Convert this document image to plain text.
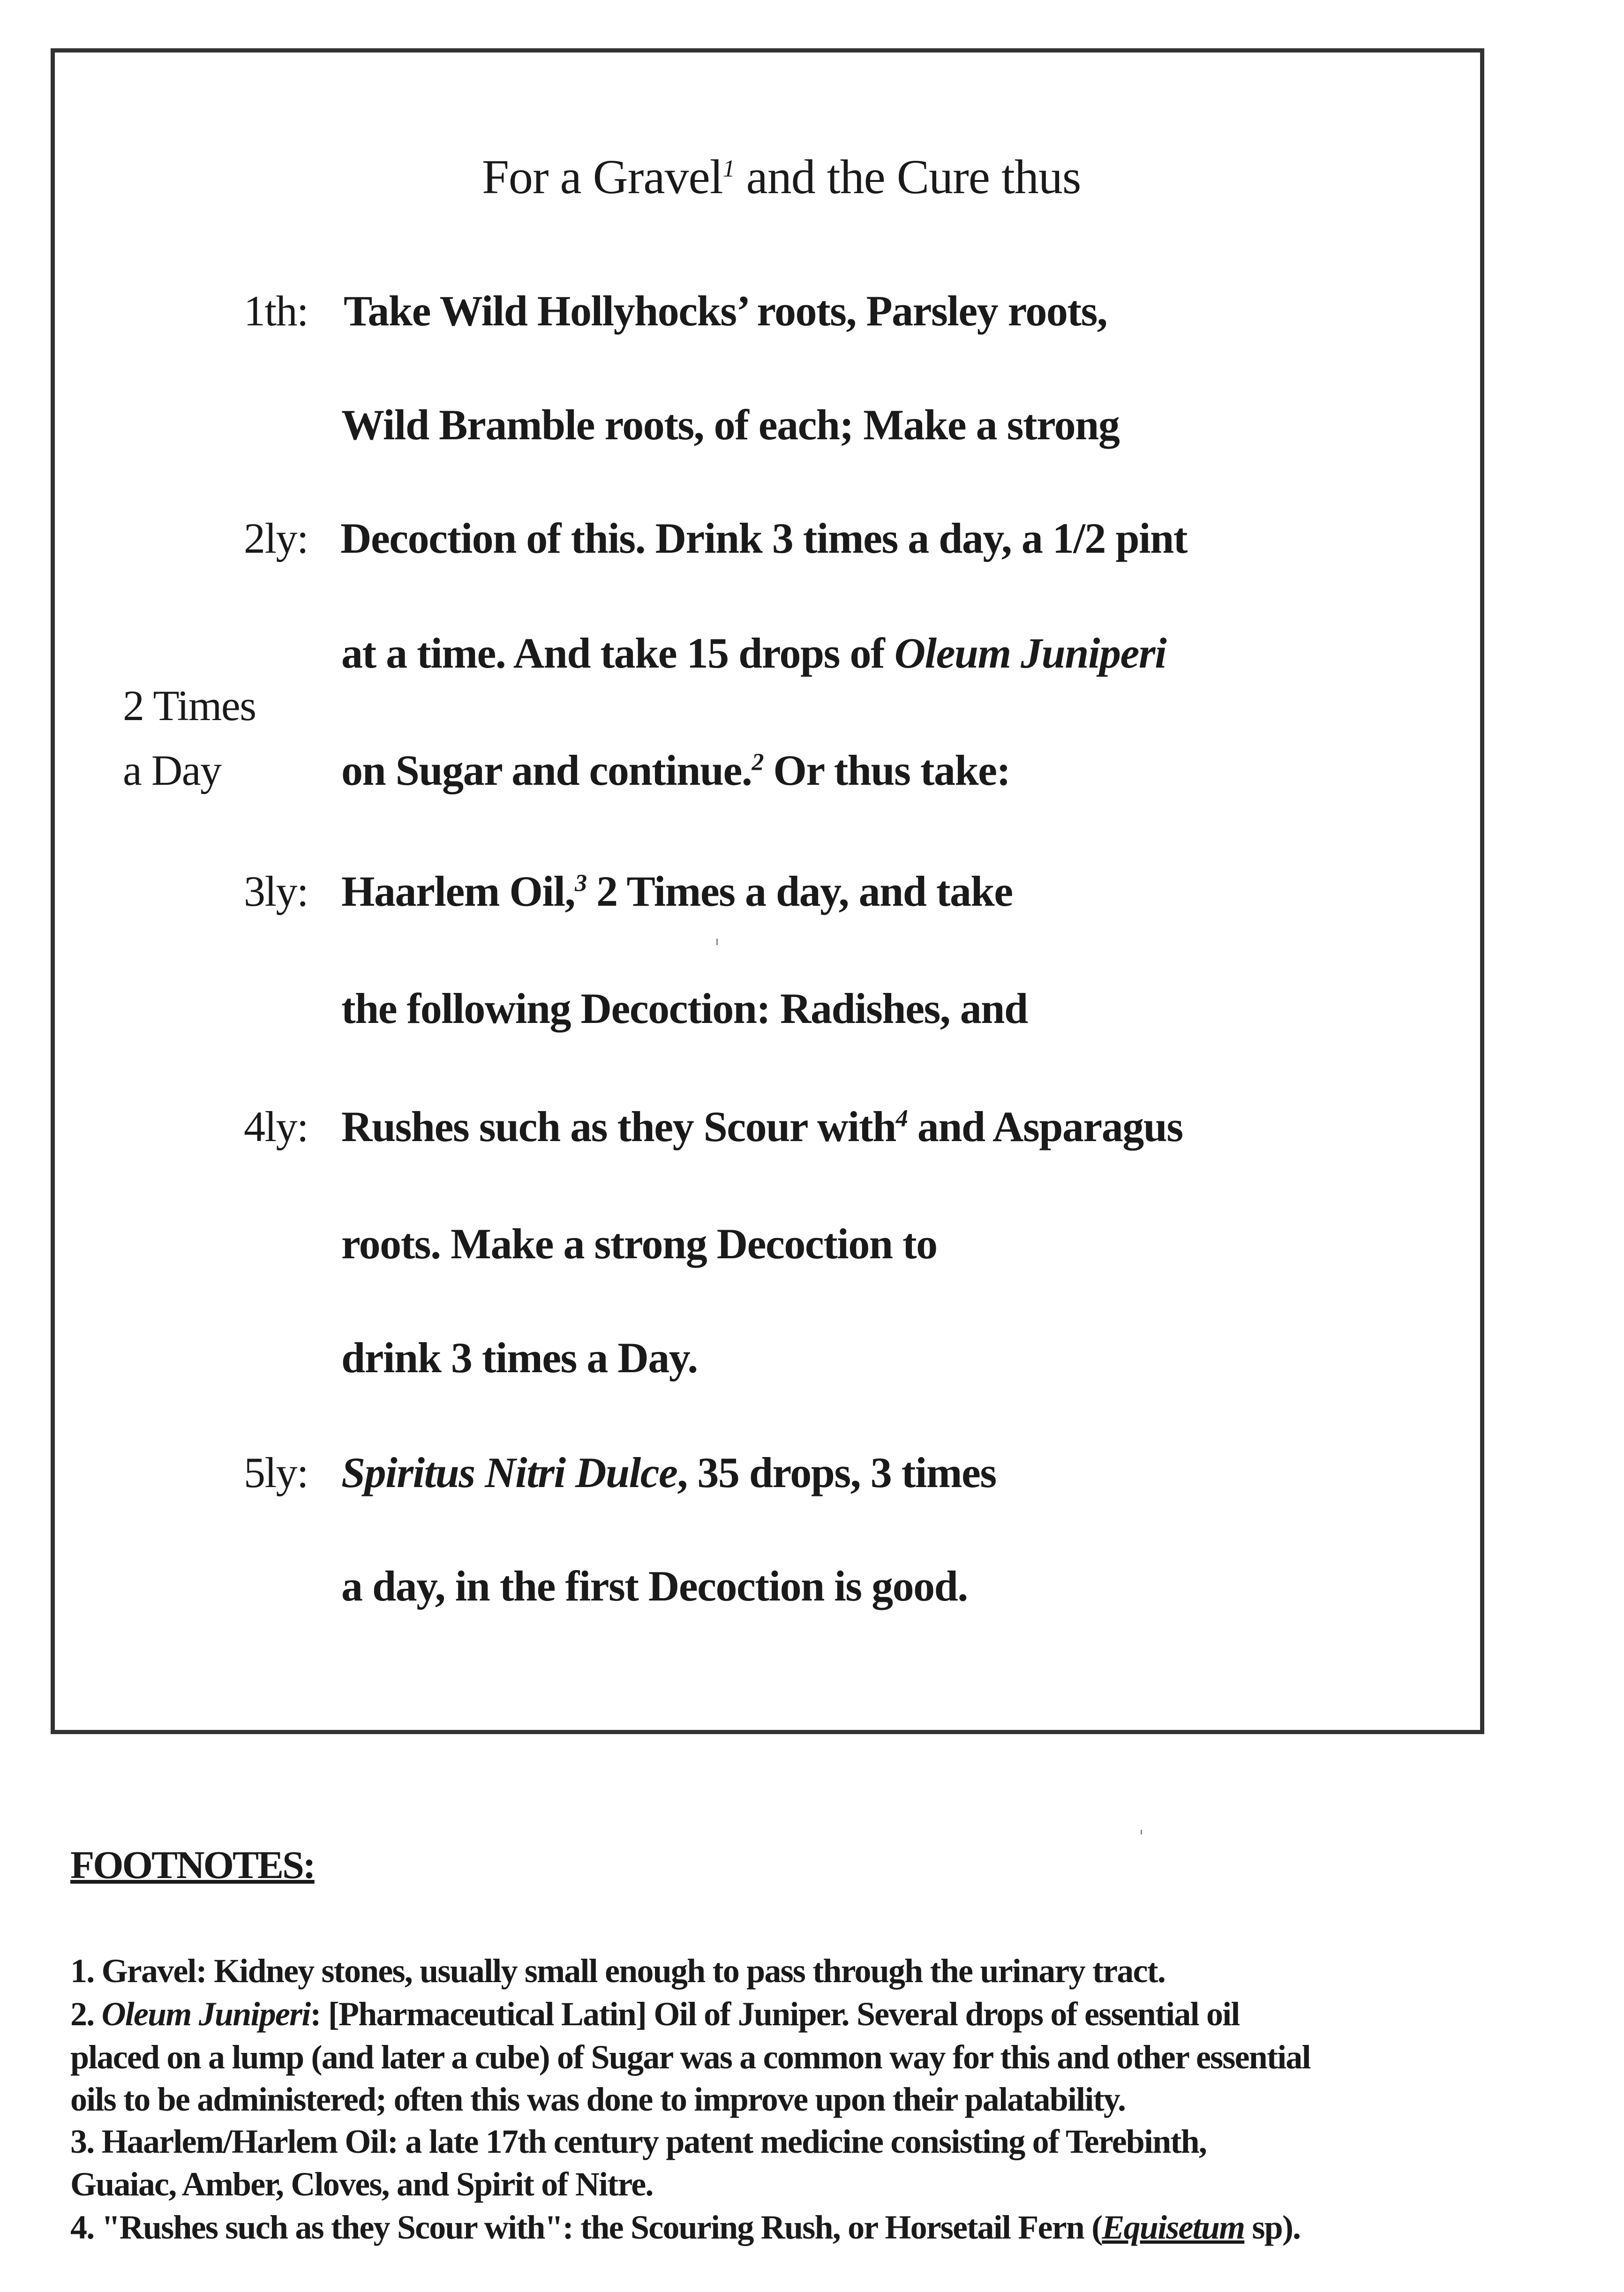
For a Gravel$^1$ and the Cure thus
1th: Take Wild Hollyhocks’ roots, Parsley roots,
Wild Bramble roots, of each; Make a strong
2ly: Decoction of this. Drink 3 times a day, a 1/2 pint
at a time. And take 15 drops of Oleum Juniperi
on Sugar and continue.$^2$ Or thus take:
2 Times
a Day
3ly: Haarlem Oil,$^3$ 2 Times a day, and take
the following Decoction: Radishes, and
4ly: Rushes such as they Scour with$^4$ and Asparagus
roots. Make a strong Decoction to
drink 3 times a Day.
5ly: Spiritus Nitri Dulce, 35 drops, 3 times
a day, in the first Decoction is good.
FOOTNOTES:
1. Gravel: Kidney stones, usually small enough to pass through the urinary tract.
2. Oleum Juniperi: [Pharmaceutical Latin] Oil of Juniper. Several drops of essential oil
placed on a lump (and later a cube) of Sugar was a common way for this and other essential
oils to be administered; often this was done to improve upon their palatability.
3. Haarlem/Harlem Oil: a late 17th century patent medicine consisting of Terebinth,
Guaiac, Amber, Cloves, and Spirit of Nitre.
4. "Rushes such as they Scour with": the Scouring Rush, or Horsetail Fern (Equisetum sp).
